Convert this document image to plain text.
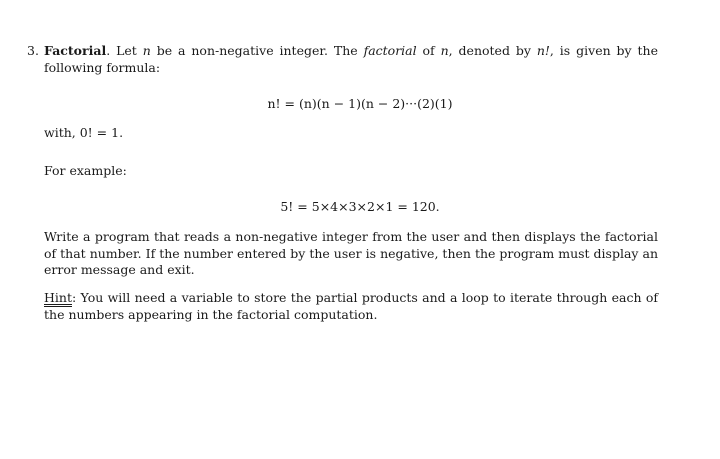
3. Factorial. Let n be a non-negative integer. The factorial of n, denoted by n!, is given by the following formula:

n! = (n)(n − 1)(n − 2)···(2)(1)

with, 0! = 1.

For example:

5! = 5×4×3×2×1 = 120.

Write a program that reads a non-negative integer from the user and then displays the factorial of that number. If the number entered by the user is negative, then the program must display an error message and exit.

Hint: You will need a variable to store the partial products and a loop to iterate through each of the numbers appearing in the factorial computation.
